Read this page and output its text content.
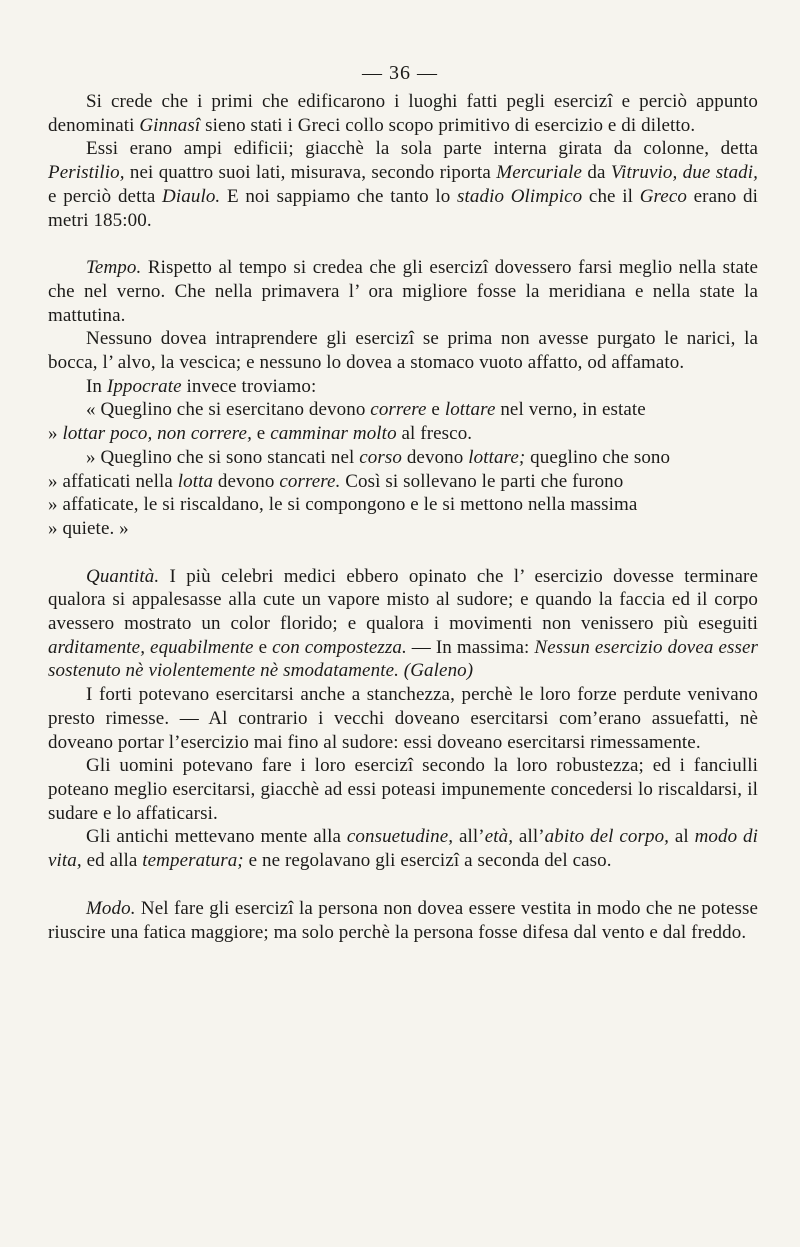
— 36 —

Si crede che i primi che edificarono i luoghi fatti pegli esercizî e perciò appunto denominati Ginnasî sieno stati i Greci collo scopo primitivo di esercizio e di diletto.

Essi erano ampi edificii; giacchè la sola parte interna girata da colonne, detta Peristilio, nei quattro suoi lati, misurava, secondo riporta Mercuriale da Vitruvio, due stadi, e perciò detta Diaulo. E noi sappiamo che tanto lo stadio Olimpico che il Greco erano di metri 185:00.

Tempo. Rispetto al tempo si credea che gli esercizî dovessero farsi meglio nella state che nel verno. Che nella primavera l’ ora migliore fosse la meridiana e nella state la mattutina.

Nessuno dovea intraprendere gli esercizî se prima non avesse purgato le narici, la bocca, l’ alvo, la vescica; e nessuno lo dovea a stomaco vuoto affatto, od affamato.

In Ippocrate invece troviamo:

« Queglino che si esercitano devono correre e lottare nel verno, in estate

» lottar poco, non correre, e camminar molto al fresco.

» Queglino che si sono stancati nel corso devono lottare; queglino che sono

» affaticati nella lotta devono correre. Così si sollevano le parti che furono

» affaticate, le si riscaldano, le si compongono e le si mettono nella massima

» quiete. »

Quantità. I più celebri medici ebbero opinato che l’ esercizio dovesse terminare qualora si appalesasse alla cute un vapore misto al sudore; e quando la faccia ed il corpo avessero mostrato un color florido; e qualora i movimenti non venissero più eseguiti arditamente, equabilmente e con compostezza. — In massima: Nessun esercizio dovea esser sostenuto nè violentemente nè smodatamente. (Galeno)

I forti potevano esercitarsi anche a stanchezza, perchè le loro forze perdute venivano presto rimesse. — Al contrario i vecchi doveano esercitarsi com’erano assuefatti, nè doveano portar l’esercizio mai fino al sudore: essi doveano esercitarsi rimessamente.

Gli uomini potevano fare i loro esercizî secondo la loro robustezza; ed i fanciulli poteano meglio esercitarsi, giacchè ad essi poteasi impunemente concedersi lo riscaldarsi, il sudare e lo affaticarsi.

Gli antichi mettevano mente alla consuetudine, all’età, all’abito del corpo, al modo di vita, ed alla temperatura; e ne regolavano gli esercizî a seconda del caso.

Modo. Nel fare gli esercizî la persona non dovea essere vestita in modo che ne potesse riuscire una fatica maggiore; ma solo perchè la persona fosse difesa dal vento e dal freddo.
